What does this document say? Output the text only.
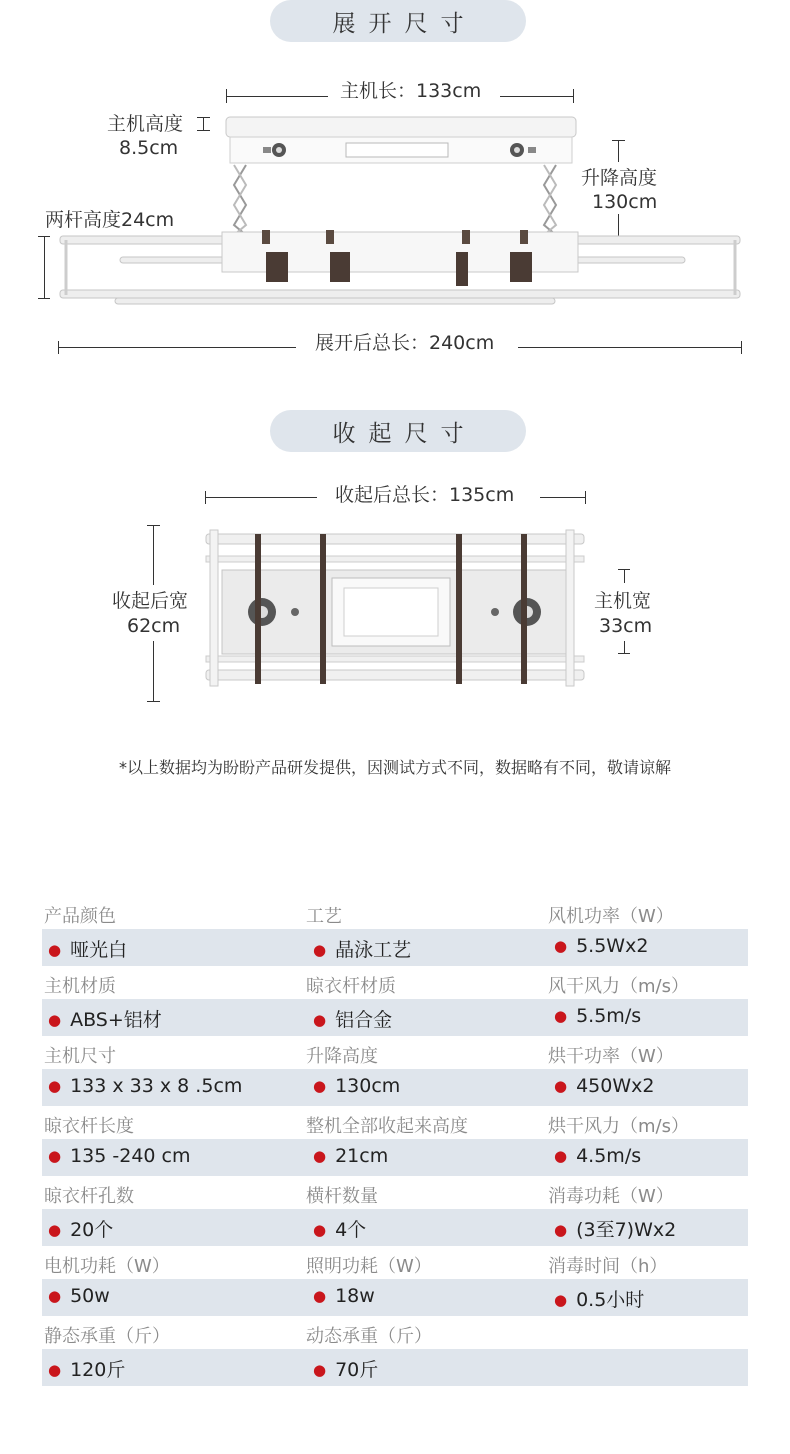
展开尺寸
主机长：133cm
主机高度
8.5cm
升降高度
130cm
两杆高度24cm
展开后总长：240cm
收起尺寸
收起后总长：135cm
收起后宽
62cm
主机宽
33cm
*以上数据均为盼盼产品研发提供，因测试方式不同，数据略有不同，敬请谅解
产品颜色	工艺	风机功率（W）
● 哑光白	● 晶泳工艺	● 5.5Wx2
主机材质	晾衣杆材质	风干风力（m/s）
● ABS+铝材	● 铝合金	● 5.5m/s
主机尺寸	升降高度	烘干功率（W）
● 133 x 33 x 8 .5cm	● 130cm	● 450Wx2
晾衣杆长度	整机全部收起来高度	烘干风力（m/s）
● 135 -240 cm	● 21cm	● 4.5m/s
晾衣杆孔数	横杆数量	消毒功耗（W）
● 20个	● 4个	● (3至7)Wx2
电机功耗（W）	照明功耗（W）	消毒时间（h）
● 50w	● 18w	● 0.5小时
静态承重（斤）	动态承重（斤）
● 120斤	● 70斤
